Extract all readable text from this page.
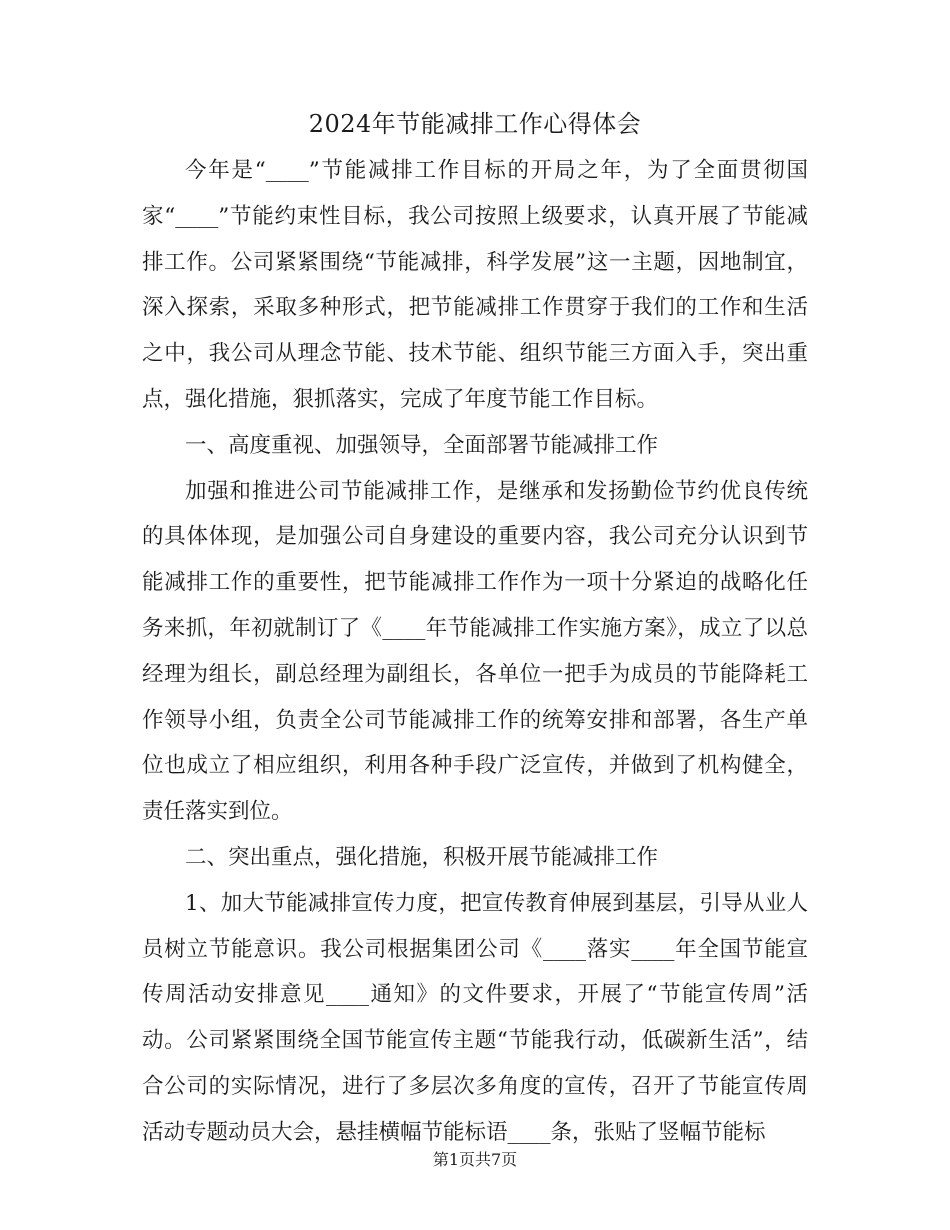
2024年节能减排工作心得体会

今年是“____”节能减排工作目标的开局之年，为了全面贯彻国家“____”节能约束性目标，我公司按照上级要求，认真开展了节能减排工作。公司紧紧围绕“节能减排，科学发展”这一主题，因地制宜，深入探索，采取多种形式，把节能减排工作贯穿于我们的工作和生活之中，我公司从理念节能、技术节能、组织节能三方面入手，突出重点，强化措施，狠抓落实，完成了年度节能工作目标。

一、高度重视、加强领导，全面部署节能减排工作

加强和推进公司节能减排工作，是继承和发扬勤俭节约优良传统的具体体现，是加强公司自身建设的重要内容，我公司充分认识到节能减排工作的重要性，把节能减排工作作为一项十分紧迫的战略化任务来抓，年初就制订了《____年节能减排工作实施方案》，成立了以总经理为组长，副总经理为副组长，各单位一把手为成员的节能降耗工作领导小组，负责全公司节能减排工作的统筹安排和部署，各生产单位也成立了相应组织，利用各种手段广泛宣传，并做到了机构健全，责任落实到位。

二、突出重点，强化措施，积极开展节能减排工作

1、加大节能减排宣传力度，把宣传教育伸展到基层，引导从业人员树立节能意识。我公司根据集团公司《____落实____年全国节能宣传周活动安排意见____通知》的文件要求，开展了“节能宣传周”活动。公司紧紧围绕全国节能宣传主题“节能我行动，低碳新生活”，结合公司的实际情况，进行了多层次多角度的宣传，召开了节能宣传周活动专题动员大会，悬挂横幅节能标语____条，张贴了竖幅节能标

第1页共7页
